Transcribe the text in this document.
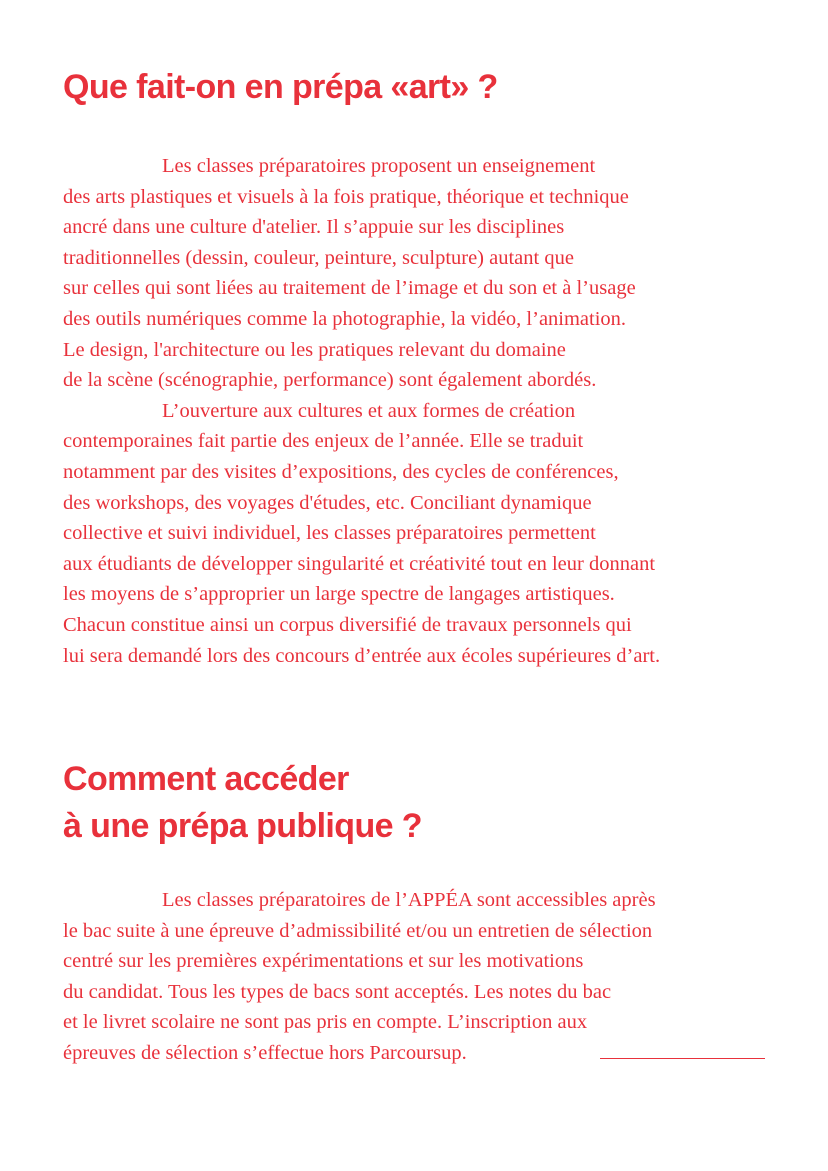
Que fait-on en prépa «art» ?

Les classes préparatoires proposent un enseignement
des arts plastiques et visuels à la fois pratique, théorique et technique
ancré dans une culture d'atelier. Il s’appuie sur les disciplines
traditionnelles (dessin, couleur, peinture, sculpture) autant que
sur celles qui sont liées au traitement de l’image et du son et à l’usage
des outils numériques comme la photographie, la vidéo, l’animation.
Le design, l'architecture ou les pratiques relevant du domaine
de la scène (scénographie, performance) sont également abordés.
L’ouverture aux cultures et aux formes de création
contemporaines fait partie des enjeux de l’année. Elle se traduit
notamment par des visites d’expositions, des cycles de conférences,
des workshops, des voyages d'études, etc. Conciliant dynamique
collective et suivi individuel, les classes préparatoires permettent
aux étudiants de développer singularité et créativité tout en leur donnant
les moyens de s’approprier un large spectre de langages artistiques.
Chacun constitue ainsi un corpus diversifié de travaux personnels qui
lui sera demandé lors des concours d’entrée aux écoles supérieures d’art.

Comment accéder
à une prépa publique ?

Les classes préparatoires de l’APPÉA sont accessibles après
le bac suite à une épreuve d’admissibilité et/ou un entretien de sélection
centré sur les premières expérimentations et sur les motivations
du candidat. Tous les types de bacs sont acceptés. Les notes du bac
et le livret scolaire ne sont pas pris en compte. L’inscription aux
épreuves de sélection s’effectue hors Parcoursup.
